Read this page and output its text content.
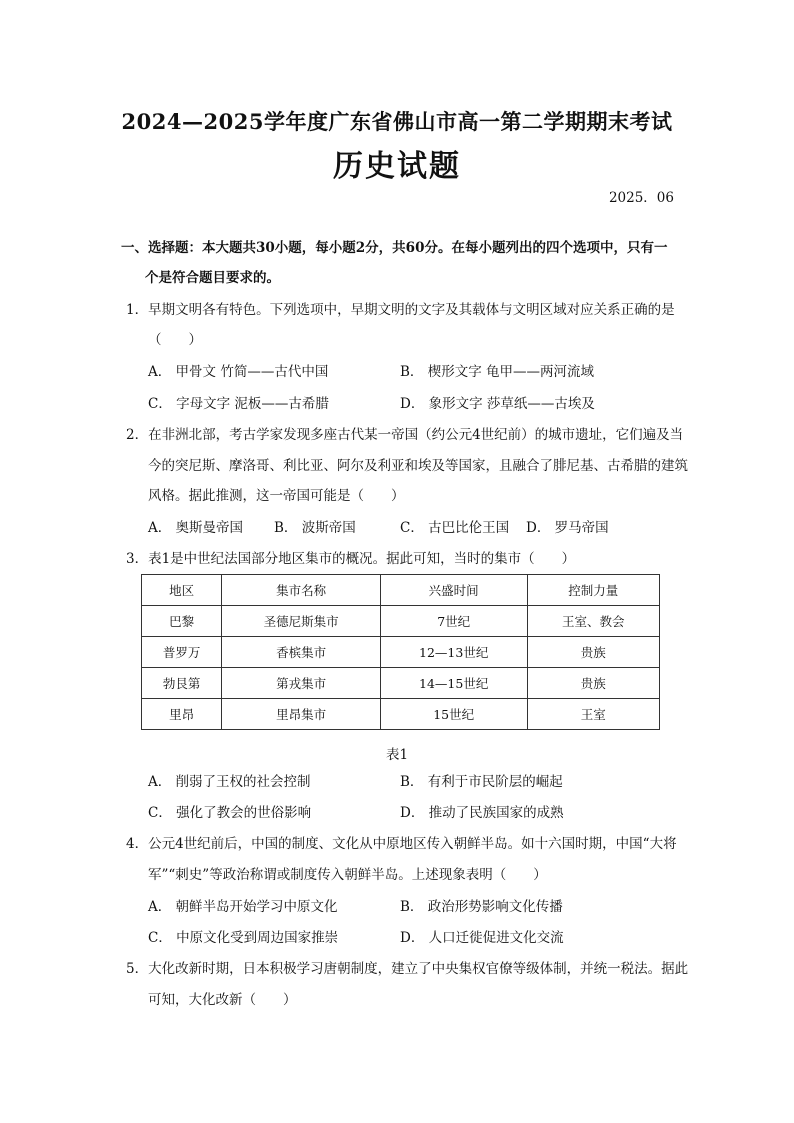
2024—2025学年度广东省佛山市高一第二学期期末考试
历史试题
2025．06
一、选择题：本大题共30小题，每小题2分，共60分。在每小题列出的四个选项中，只有一
个是符合题目要求的。
1．早期文明各有特色。下列选项中，早期文明的文字及其载体与文明区域对应关系正确的是
（　　）
A． 甲骨文 竹简——古代中国	B． 楔形文字 龟甲——两河流域
C． 字母文字 泥板——古希腊	D． 象形文字 莎草纸——古埃及
2．在非洲北部，考古学家发现多座古代某一帝国（约公元4世纪前）的城市遗址，它们遍及当
今的突尼斯、摩洛哥、利比亚、阿尔及利亚和埃及等国家，且融合了腓尼基、古希腊的建筑
风格。据此推测，这一帝国可能是（　　）
A． 奥斯曼帝国 B． 波斯帝国	C． 古巴比伦王国 D． 罗马帝国
3．表1是中世纪法国部分地区集市的概况。据此可知，当时的集市（　　）
地区	集市名称	兴盛时间	控制力量
巴黎	圣德尼斯集市	7世纪	王室、教会
普罗万	香槟集市	12—13世纪	贵族
勃艮第	第戎集市	14—15世纪	贵族
里昂	里昂集市	15世纪	王室
表1
A． 削弱了王权的社会控制	B． 有利于市民阶层的崛起
C． 强化了教会的世俗影响	D． 推动了民族国家的成熟
4．公元4世纪前后，中国的制度、文化从中原地区传入朝鲜半岛。如十六国时期，中国“大将
军”“刺史”等政治称谓或制度传入朝鲜半岛。上述现象表明（　　）
A． 朝鲜半岛开始学习中原文化	B． 政治形势影响文化传播
C． 中原文化受到周边国家推崇	D． 人口迁徙促进文化交流
5．大化改新时期，日本积极学习唐朝制度，建立了中央集权官僚等级体制，并统一税法。据此
可知，大化改新（　　）
